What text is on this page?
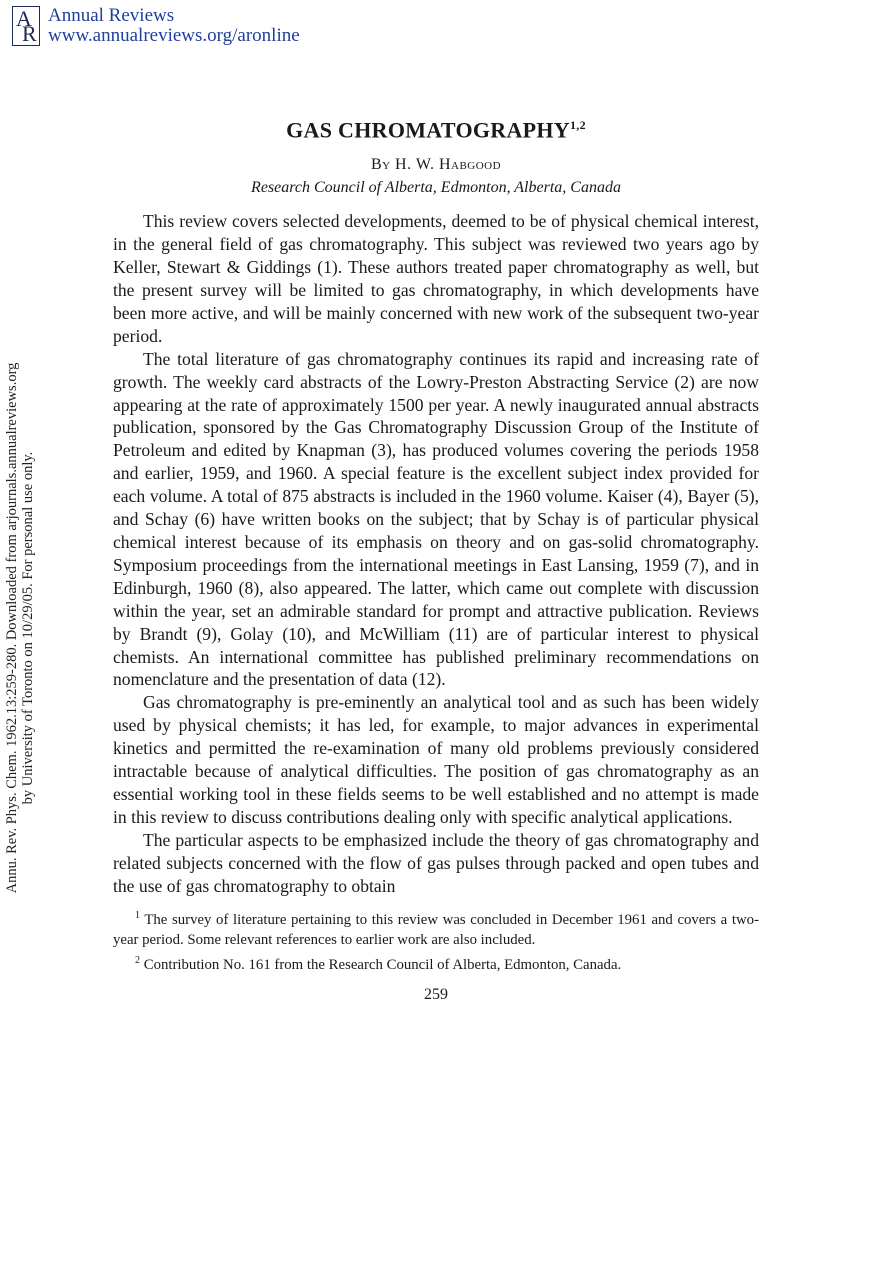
A
R
Annual Reviews
www.annualreviews.org/aronline
Annu. Rev. Phys. Chem. 1962.13:259-280. Downloaded from arjournals.annualreviews.org by University of Toronto on 10/29/05. For personal use only.
GAS CHROMATOGRAPHY$^{1,2}$
By H. W. Habgood
Research Council of Alberta, Edmonton, Alberta, Canada

This review covers selected developments, deemed to be of physical chemical interest, in the general field of gas chromatography. This subject was reviewed two years ago by Keller, Stewart & Giddings (1). These authors treated paper chromatography as well, but the present survey will be limited to gas chromatography, in which developments have been more active, and will be mainly concerned with new work of the subsequent two-year period.

The total literature of gas chromatography continues its rapid and increasing rate of growth. The weekly card abstracts of the Lowry-Preston Abstracting Service (2) are now appearing at the rate of approximately 1500 per year. A newly inaugurated annual abstracts publication, sponsored by the Gas Chromatography Discussion Group of the Institute of Petroleum and edited by Knapman (3), has produced volumes covering the periods 1958 and earlier, 1959, and 1960. A special feature is the excellent subject index provided for each volume. A total of 875 abstracts is included in the 1960 volume. Kaiser (4), Bayer (5), and Schay (6) have written books on the subject; that by Schay is of particular physical chemical interest because of its emphasis on theory and on gas-solid chromatography. Symposium proceedings from the international meetings in East Lansing, 1959 (7), and in Edinburgh, 1960 (8), also appeared. The latter, which came out complete with discussion within the year, set an admirable standard for prompt and attractive publication. Reviews by Brandt (9), Golay (10), and McWilliam (11) are of particular interest to physical chemists. An international committee has published preliminary recommendations on nomenclature and the presentation of data (12).

Gas chromatography is pre-eminently an analytical tool and as such has been widely used by physical chemists; it has led, for example, to major advances in experimental kinetics and permitted the re-examination of many old problems previously considered intractable because of analytical difficulties. The position of gas chromatography as an essential working tool in these fields seems to be well established and no attempt is made in this review to discuss contributions dealing only with specific analytical applications.

The particular aspects to be emphasized include the theory of gas chromatography and related subjects concerned with the flow of gas pulses through packed and open tubes and the use of gas chromatography to obtain

$^1$ The survey of literature pertaining to this review was concluded in December 1961 and covers a two-year period. Some relevant references to earlier work are also included.

$^2$ Contribution No. 161 from the Research Council of Alberta, Edmonton, Canada.

259
